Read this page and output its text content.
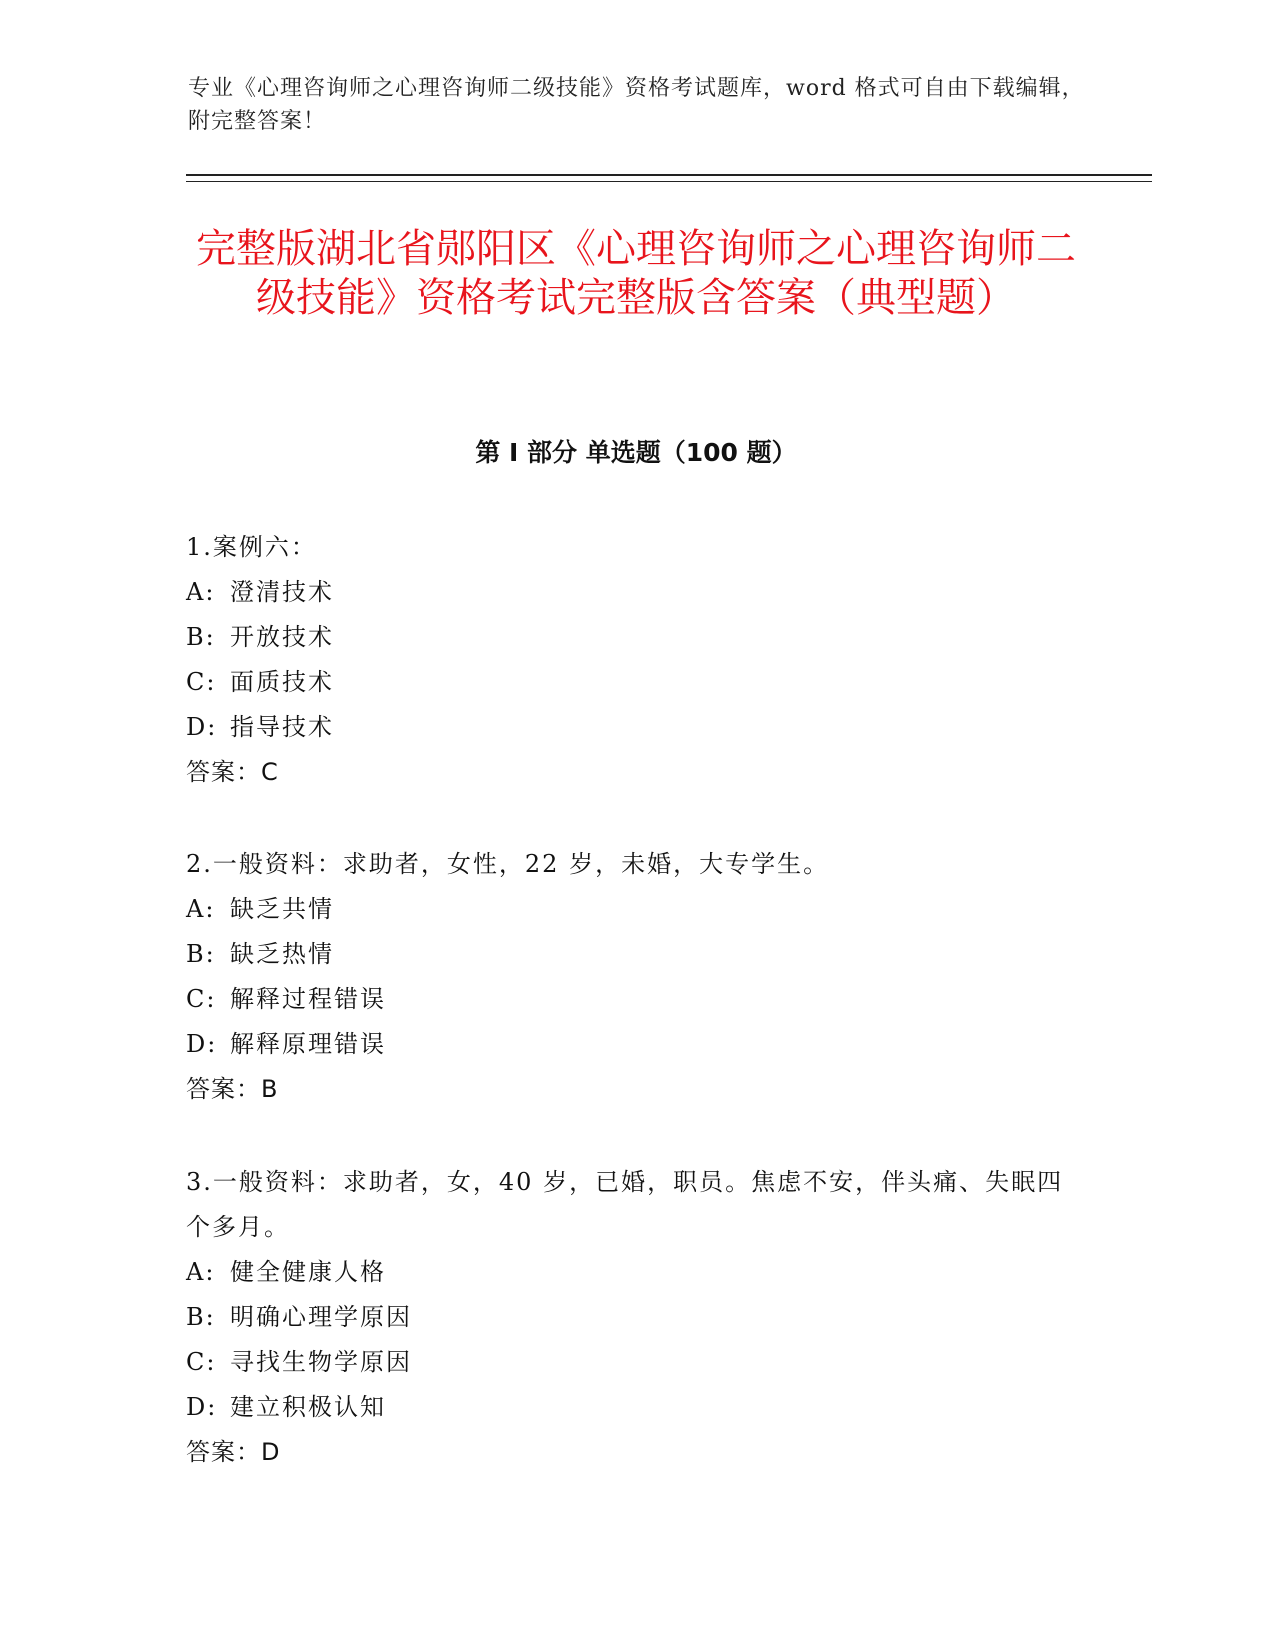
专业《心理咨询师之心理咨询师二级技能》资格考试题库，word 格式可自由下载编辑，附完整答案！
完整版湖北省郧阳区《心理咨询师之心理咨询师二级技能》资格考试完整版含答案（典型题）
第 I 部分 单选题（100 题）

1.案例六：

A: 澄清技术

B: 开放技术

C: 面质技术

D: 指导技术

答案：C

2.一般资料：求助者，女性，22 岁，未婚，大专学生。

A: 缺乏共情

B: 缺乏热情

C: 解释过程错误

D: 解释原理错误

答案：B

3.一般资料：求助者，女，40 岁，已婚，职员。焦虑不安，伴头痛、失眠四个多月。

A: 健全健康人格

B: 明确心理学原因

C: 寻找生物学原因

D: 建立积极认知

答案：D
